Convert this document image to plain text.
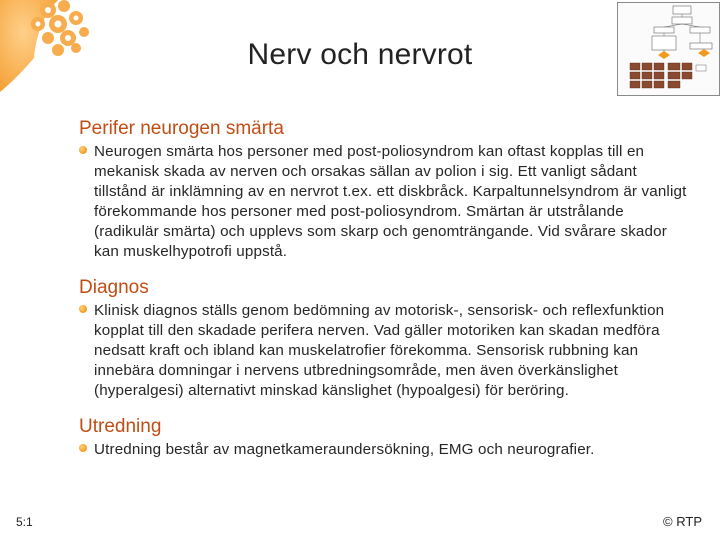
Nerv och nervrot
Perifer neurogen smärta
Neurogen smärta hos personer med post-poliosyndrom kan oftast kopplas till en mekanisk skada av nerven och orsakas sällan av polion i sig. Ett vanligt sådant tillstånd är inklämning av en nervrot t.ex. ett diskbråck. Karpaltunnelsyndrom är vanligt förekommande hos personer med post-poliosyndrom. Smärtan är utstrålande (radikulär smärta) och upplevs som skarp och genomträngande. Vid svårare skador kan muskelhypotrofi uppstå.
Diagnos
Klinisk diagnos ställs genom bedömning av motorisk-, sensorisk- och reflexfunktion kopplat till den skadade perifera nerven. Vad gäller motoriken kan skadan medföra nedsatt kraft och ibland kan muskelatrofier förekomma. Sensorisk rubbning kan innebära domningar i nervens utbredningsområde, men även överkänslighet (hyperalgesi) alternativt minskad känslighet (hypoalgesi) för beröring.
Utredning
Utredning består av magnetkameraundersökning, EMG och neurografier.
5:1	© RTP
